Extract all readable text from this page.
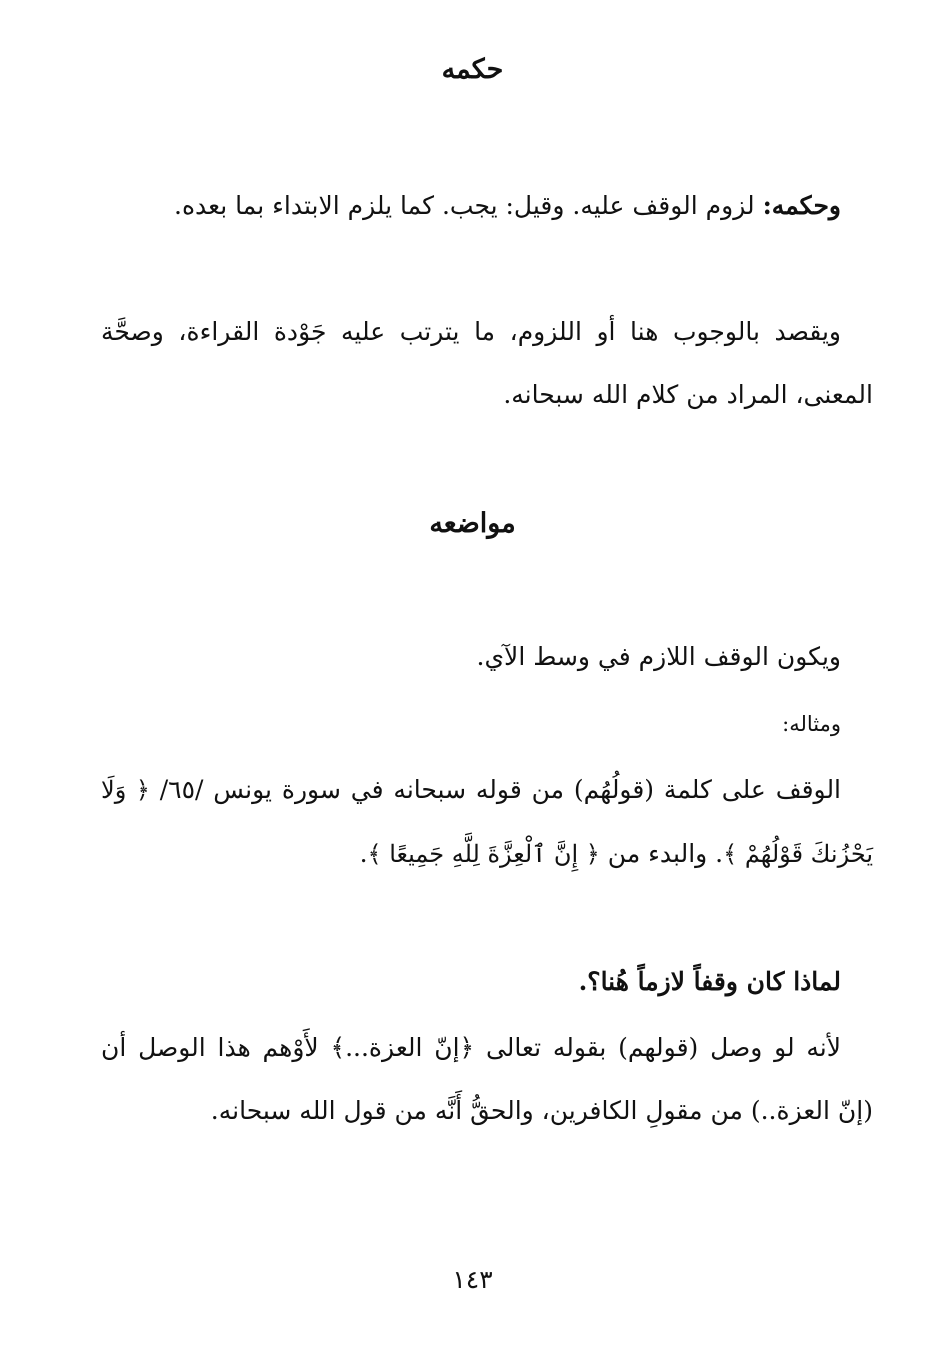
حكمه

وحكمه: لزوم الوقف عليه. وقيل: يجب. كما يلزم الابتداء بما بعده.

ويقصد بالوجوب هنا أو اللزوم، ما يترتب عليه جَوْدة القراءة، وصحَّة المعنى، المراد من كلام الله سبحانه.

مواضعه

ويكون الوقف اللازم في وسط الآي.

ومثاله:

الوقف على كلمة (قولُهُم) من قوله سبحانه في سورة يونس /٦٥/ ﴿ وَلَا يَحْزُنكَ قَوْلُهُمْ ﴾. والبدء من ﴿ إِنَّ ٱلْعِزَّةَ لِلَّهِ جَمِيعًا ﴾.

لماذا كان وقفاً لازماً هُنا؟.

لأنه لو وصل (قولهم) بقوله تعالى ﴿إنّ العزة...﴾ لأَوْهم هذا الوصل أن (إنّ العزة..) من مقولِ الكافرين، والحقُّ أَنَّه من قول الله سبحانه.

١٤٣
